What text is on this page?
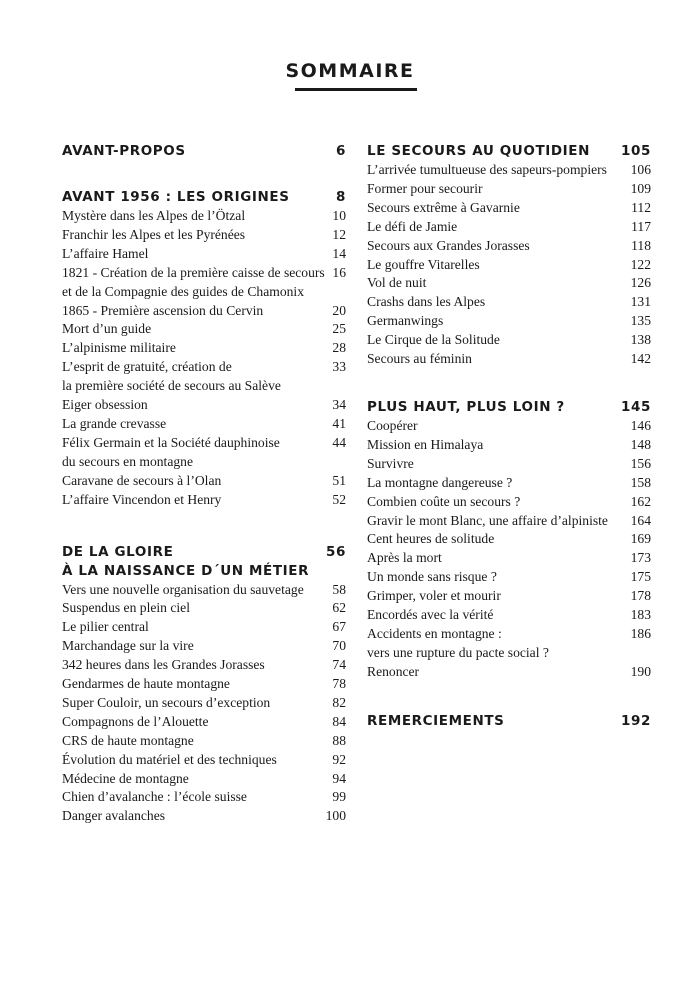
SOMMAIRE
AVANT-PROPOS	6
AVANT 1956 : LES ORIGINES	8
Mystère dans les Alpes de l’Ötzal	10
Franchir les Alpes et les Pyrénées	12
L’affaire Hamel	14
1821 - Création de la première caisse de secours
et de la Compagnie des guides de Chamonix
16
1865 - Première ascension du Cervin	20
Mort d’un guide	25
L’alpinisme militaire	28
L’esprit de gratuité, création de
la première société de secours au Salève
33
Eiger obsession	34
La grande crevasse	41
Félix Germain et la Société dauphinoise
du secours en montagne
44
Caravane de secours à l’Olan	51
L’affaire Vincendon et Henry	52
DE LA GLOIRE
À LA NAISSANCE D´UN MÉTIER
56
Vers une nouvelle organisation du sauvetage	58
Suspendus en plein ciel	62
Le pilier central	67
Marchandage sur la vire	70
342 heures dans les Grandes Jorasses	74
Gendarmes de haute montagne	78
Super Couloir, un secours d’exception	82
Compagnons de l’Alouette	84
CRS de haute montagne	88
Évolution du matériel et des techniques	92
Médecine de montagne	94
Chien d’avalanche : l’école suisse	99
Danger avalanches	100
LE SECOURS AU QUOTIDIEN	105
L’arrivée tumultueuse des sapeurs-pompiers	106
Former pour secourir	109
Secours extrême à Gavarnie	112
Le défi de Jamie	117
Secours aux Grandes Jorasses	118
Le gouffre Vitarelles	122
Vol de nuit	126
Crashs dans les Alpes	131
Germanwings	135
Le Cirque de la Solitude	138
Secours au féminin	142
PLUS HAUT, PLUS LOIN ?	145
Coopérer	146
Mission en Himalaya	148
Survivre	156
La montagne dangereuse ?	158
Combien coûte un secours ?	162
Gravir le mont Blanc, une affaire d’alpiniste	164
Cent heures de solitude	169
Après la mort	173
Un monde sans risque ?	175
Grimper, voler et mourir	178
Encordés avec la vérité	183
Accidents en montagne :
vers une rupture du pacte social ?
186
Renoncer	190
REMERCIEMENTS	192
